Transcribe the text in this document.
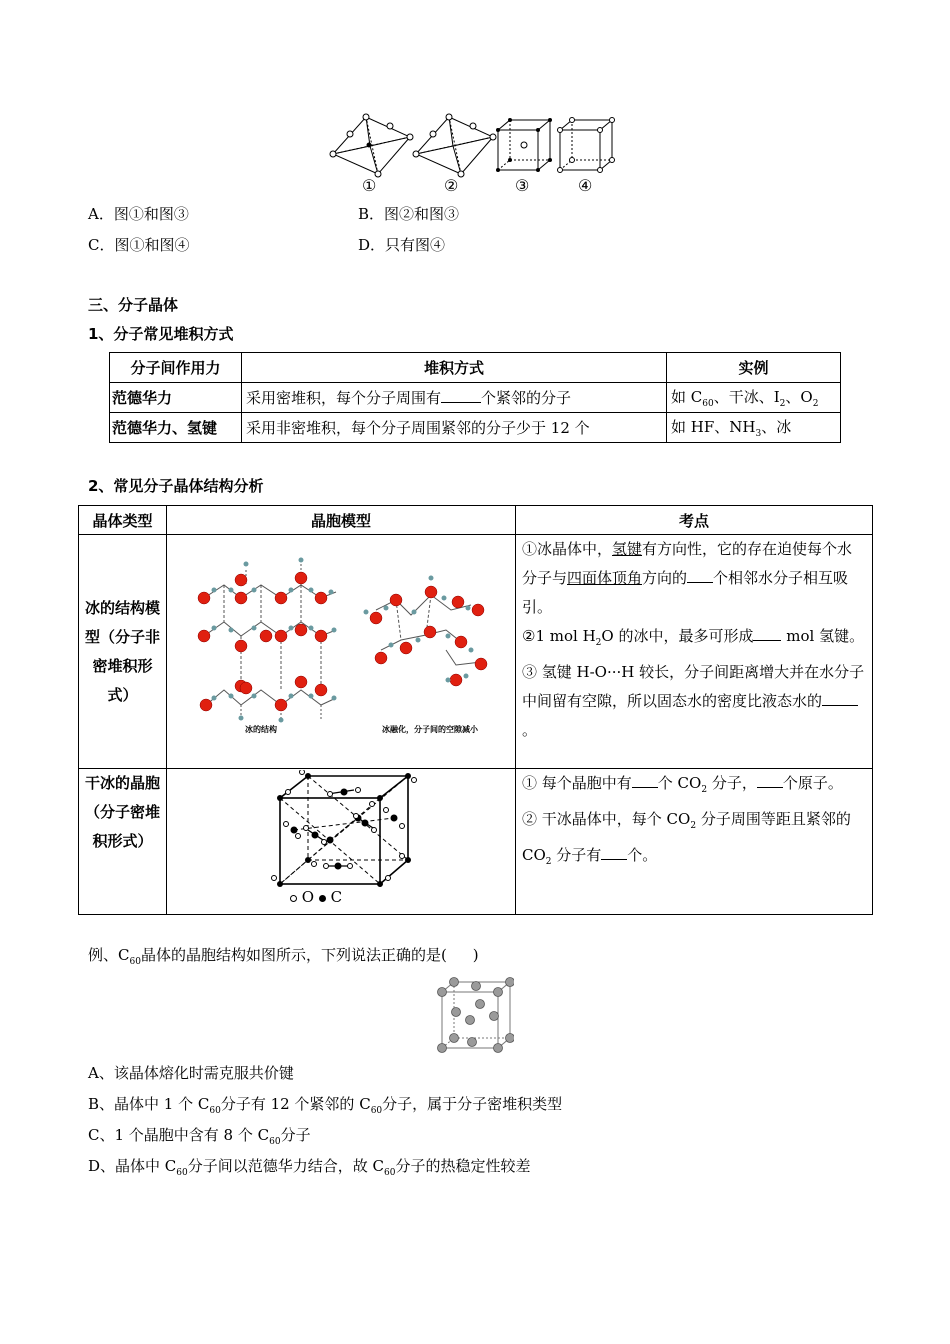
①	②	③	④
A．图①和图③	B．图②和图③
C．图①和图④	D．只有图④
三、分子晶体
1、分子常见堆积方式
分子间作用力	堆积方式	实例
范德华力	采用密堆积，每个分子周围有 个紧邻的分子	如 $C_{60}$、干冰、$I_2$、$O_2$
范德华力、氢键	采用非密堆积，每个分子周围紧邻的分子少于 12 个	如 HF、$NH_3$、冰
2、常见分子晶体结构分析
晶体类型	晶胞模型	考点
冰的结构模型（分子非密堆积形式）		①冰晶体中，氢键有方向性，它的存在迫使每个水分子与四面体顶角方向的 个相邻水分子相互吸引。
②1 mol $H_2O$ 的冰中，最多可形成 mol 氢键。
③ 氢键 H-O···H 较长，分子间距离增大并在水分子中间留有空隙，所以固态水的密度比液态水的。

干冰的晶胞（分子密堆积形式）		① 每个晶胞中有 个 $CO_2$ 分子， 个原子。
② 干冰晶体中，每个 $CO_2$ 分子周围等距且紧邻的 $CO_2$ 分子有 个。
冰的结构	冰融化，分子间的空隙减小
O C
例、$C_{60}$晶体的晶胞结构如图所示，下列说法正确的是( )
A、该晶体熔化时需克服共价键
B、晶体中 1 个 $C_{60}$分子有 12 个紧邻的 $C_{60}$分子，属于分子密堆积类型
C、1 个晶胞中含有 8 个 $C_{60}$分子
D、晶体中 $C_{60}$分子间以范德华力结合，故 $C_{60}$分子的热稳定性较差
